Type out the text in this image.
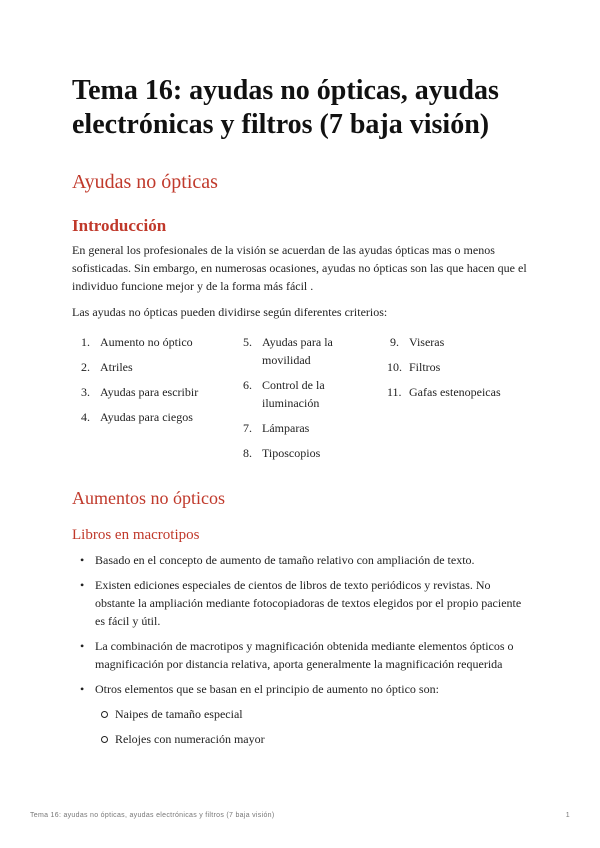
Tema 16: ayudas no ópticas, ayudas electrónicas y filtros (7 baja visión)
Ayudas no ópticas
Introducción

En general los profesionales de la visión se acuerdan de las ayudas ópticas mas o menos sofisticadas. Sin embargo, en numerosas ocasiones, ayudas no ópticas son las que hacen que el individuo funcione mejor y de la forma más fácil .

Las ayudas no ópticas pueden dividirse según diferentes criterios:

1. Aumento no óptico
2. Atriles
3. Ayudas para escribir
4. Ayudas para ciegos
5. Ayudas para la movilidad
6. Control de la iluminación
7. Lámparas
8. Tiposcopios
9. Viseras
10. Filtros
11. Gafas estenopeicas
Aumentos no ópticos
Libros en macrotipos
• Basado en el concepto de aumento de tamaño relativo con ampliación de texto.
• Existen ediciones especiales de cientos de libros de texto periódicos y revistas. No obstante la ampliación mediante fotocopiadoras de textos elegidos por el propio paciente es fácil y útil.
• La combinación de macrotipos y magnificación obtenida mediante elementos ópticos o magnificación por distancia relativa, aporta generalmente la magnificación requerida
• Otros elementos que se basan en el principio de aumento no óptico son:
Naipes de tamaño especial
Relojes con numeración mayor
Tema 16: ayudas no ópticas, ayudas electrónicas y filtros (7 baja visión)	1
